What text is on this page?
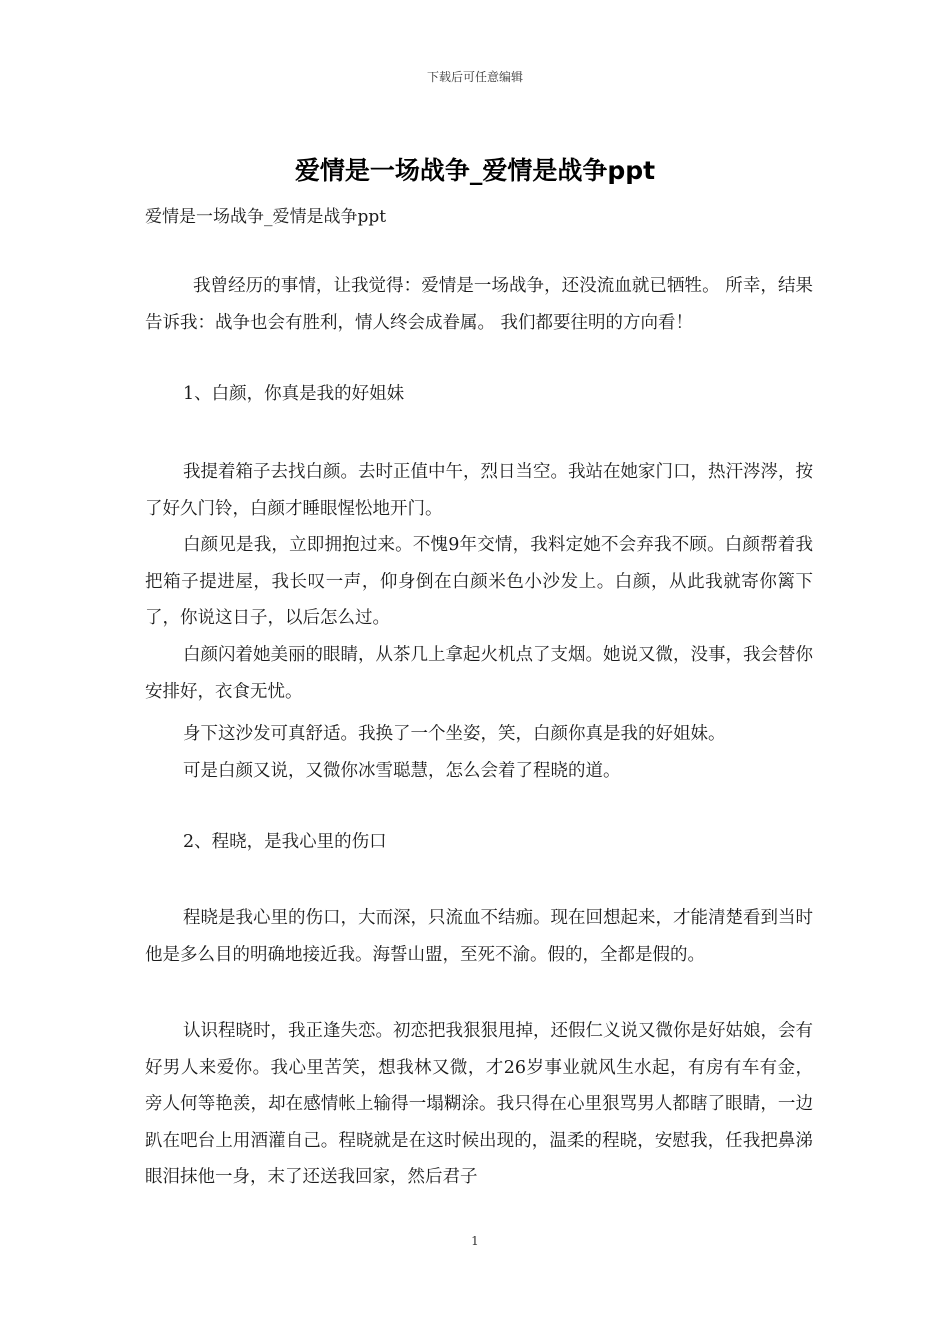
下载后可任意编辑
爱情是一场战争_爱情是战争ppt

爱情是一场战争_爱情是战争ppt

我曾经历的事情，让我觉得：爱情是一场战争，还没流血就已牺牲。 所幸，结果告诉我：战争也会有胜利，情人终会成眷属。 我们都要往明的方向看！

1、白颜，你真是我的好姐妹

我提着箱子去找白颜。去时正值中午，烈日当空。我站在她家门口，热汗涔涔，按了好久门铃，白颜才睡眼惺忪地开门。

白颜见是我，立即拥抱过来。不愧9年交情，我料定她不会弃我不顾。白颜帮着我把箱子提进屋，我长叹一声，仰身倒在白颜米色小沙发上。白颜，从此我就寄你篱下了，你说这日子，以后怎么过。

白颜闪着她美丽的眼睛，从茶几上拿起火机点了支烟。她说又微，没事，我会替你安排好，衣食无忧。

身下这沙发可真舒适。我换了一个坐姿，笑，白颜你真是我的好姐妹。

可是白颜又说，又微你冰雪聪慧，怎么会着了程晓的道。

2、程晓，是我心里的伤口

程晓是我心里的伤口，大而深，只流血不结痂。现在回想起来，才能清楚看到当时他是多么目的明确地接近我。海誓山盟，至死不渝。假的，全都是假的。

认识程晓时，我正逢失恋。初恋把我狠狠甩掉，还假仁义说又微你是好姑娘，会有好男人来爱你。我心里苦笑，想我林又微，才26岁事业就风生水起，有房有车有金，旁人何等艳羡，却在感情帐上输得一塌糊涂。我只得在心里狠骂男人都瞎了眼睛，一边趴在吧台上用酒灌自己。程晓就是在这时候出现的，温柔的程晓，安慰我，任我把鼻涕眼泪抹他一身，末了还送我回家，然后君子

1
